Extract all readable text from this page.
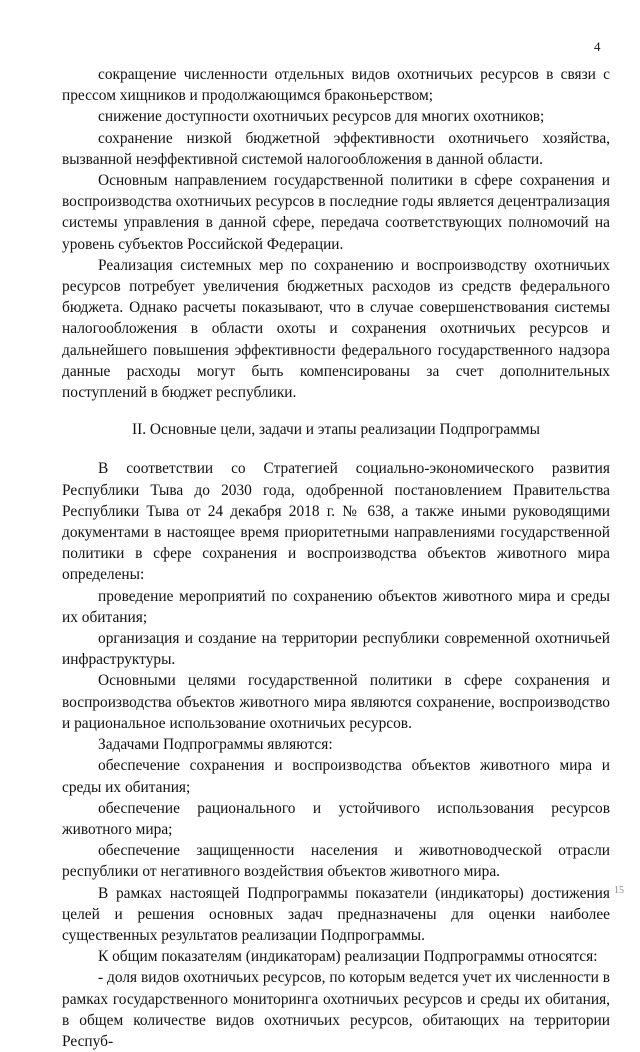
4

сокращение численности отдельных видов охотничьих ресурсов в связи с прессом хищников и продолжающимся браконьерством;

снижение доступности охотничьих ресурсов для многих охотников;

сохранение низкой бюджетной эффективности охотничьего хозяйства, вызванной неэффективной системой налогообложения в данной области.

Основным направлением государственной политики в сфере сохранения и воспроизводства охотничьих ресурсов в последние годы является децентрализация системы управления в данной сфере, передача соответствующих полномочий на уровень субъектов Российской Федерации.

Реализация системных мер по сохранению и воспроизводству охотничьих ресурсов потребует увеличения бюджетных расходов из средств федерального бюджета. Однако расчеты показывают, что в случае совершенствования системы налогообложения в области охоты и сохранения охотничьих ресурсов и дальнейшего повышения эффективности федерального государственного надзора данные расходы могут быть компенсированы за счет дополнительных поступлений в бюджет республики.

II. Основные цели, задачи и этапы реализации Подпрограммы

В соответствии со Стратегией социально-экономического развития Республики Тыва до 2030 года, одобренной постановлением Правительства Республики Тыва от 24 декабря 2018 г. № 638, а также иными руководящими документами в настоящее время приоритетными направлениями государственной политики в сфере сохранения и воспроизводства объектов животного мира определены:

проведение мероприятий по сохранению объектов животного мира и среды их обитания;

организация и создание на территории республики современной охотничьей инфраструктуры.

Основными целями государственной политики в сфере сохранения и воспроизводства объектов животного мира являются сохранение, воспроизводство и рациональное использование охотничьих ресурсов.

Задачами Подпрограммы являются:

обеспечение сохранения и воспроизводства объектов животного мира и среды их обитания;

обеспечение рационального и устойчивого использования ресурсов животного мира;

обеспечение защищенности населения и животноводческой отрасли республики от негативного воздействия объектов животного мира.

В рамках настоящей Подпрограммы показатели (индикаторы) достижения целей и решения основных задач предназначены для оценки наиболее существенных результатов реализации Подпрограммы.

К общим показателям (индикаторам) реализации Подпрограммы относятся:

- доля видов охотничьих ресурсов, по которым ведется учет их численности в рамках государственного мониторинга охотничьих ресурсов и среды их обитания, в общем количестве видов охотничьих ресурсов, обитающих на территории Респуб-

15
